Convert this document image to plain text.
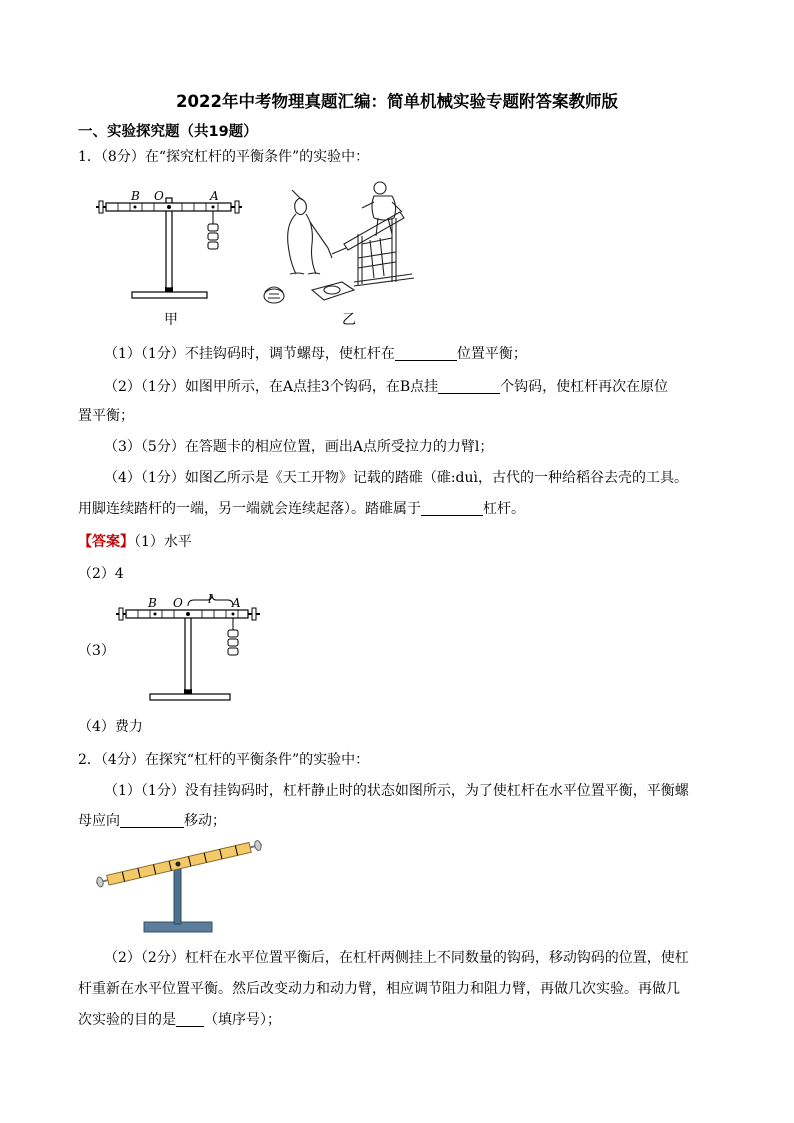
2022年中考物理真题汇编：简单机械实验专题附答案教师版
一、实验探究题（共19题）
1．（8分）在“探究杠杆的平衡条件”的实验中：
B O	A
甲	乙
（1）（1分）不挂钩码时，调节螺母，使杠杆在	位置平衡；
（2）（1分）如图甲所示，在A点挂3个钩码，在B点挂	个钩码，使杠杆再次在原位
置平衡；
（3）（5分）在答题卡的相应位置，画出A点所受拉力的力臂l；
（4）（1分）如图乙所示是《天工开物》记载的踏碓（碓:duì，古代的一种给稻谷去壳的工具。
用脚连续踏杆的一端，另一端就会连续起落）。踏碓属于	杠杆。
【答案】（1）水平
（2）4
（3）
B O	A
l
（4）费力
2．（4分）在探究“杠杆的平衡条件”的实验中：
（1）（1分）没有挂钩码时，杠杆静止时的状态如图所示，为了使杠杆在水平位置平衡，平衡螺
母应向	移动；
（2）（2分）杠杆在水平位置平衡后，在杠杆两侧挂上不同数量的钩码，移动钩码的位置，使杠
杆重新在水平位置平衡。然后改变动力和动力臂，相应调节阻力和阻力臂，再做几次实验。再做几
次实验的目的是 （填序号）；
